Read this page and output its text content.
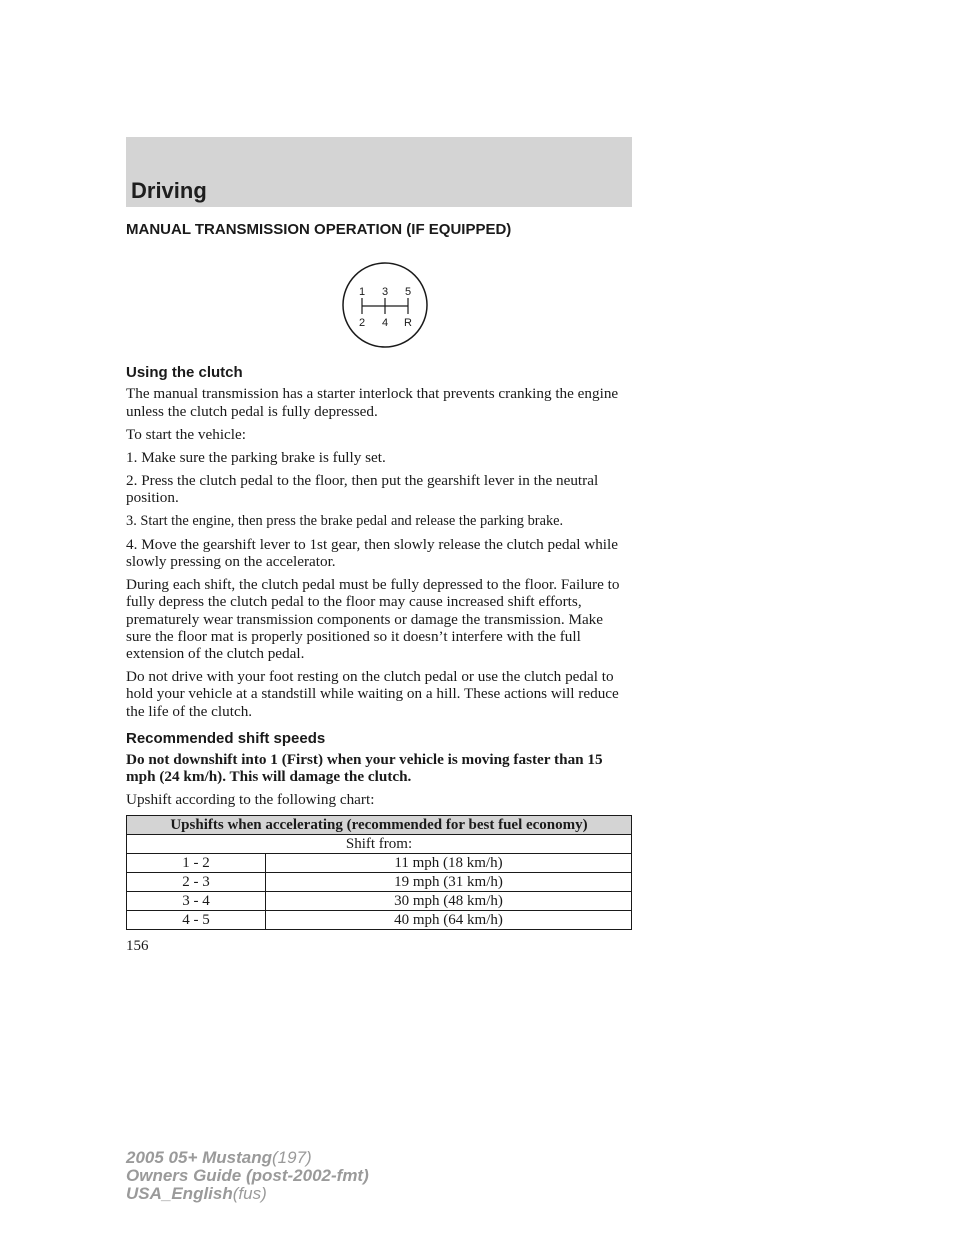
Driving
MANUAL TRANSMISSION OPERATION (IF EQUIPPED)
1 3 5
2 4 R
Using the clutch

The manual transmission has a starter interlock that prevents cranking the engine unless the clutch pedal is fully depressed.

To start the vehicle:

1. Make sure the parking brake is fully set.

2. Press the clutch pedal to the floor, then put the gearshift lever in the neutral position.

3. Start the engine, then press the brake pedal and release the parking brake.

4. Move the gearshift lever to 1st gear, then slowly release the clutch pedal while slowly pressing on the accelerator.

During each shift, the clutch pedal must be fully depressed to the floor. Failure to fully depress the clutch pedal to the floor may cause increased shift efforts, prematurely wear transmission components or damage the transmission. Make sure the floor mat is properly positioned so it doesn’t interfere with the full extension of the clutch pedal.

Do not drive with your foot resting on the clutch pedal or use the clutch pedal to hold your vehicle at a standstill while waiting on a hill. These actions will reduce the life of the clutch.

Recommended shift speeds

Do not downshift into 1 (First) when your vehicle is moving faster than 15 mph (24 km/h). This will damage the clutch.

Upshift according to the following chart:

Upshifts when accelerating (recommended for best fuel economy)	
Shift from:	
1 - 2	11 mph (18 km/h)
2 - 3	19 mph (31 km/h)
3 - 4	30 mph (48 km/h)
4 - 5	40 mph (64 km/h)
156
2005 05+ Mustang(197)
Owners Guide (post-2002-fmt)
USA_English(fus)
